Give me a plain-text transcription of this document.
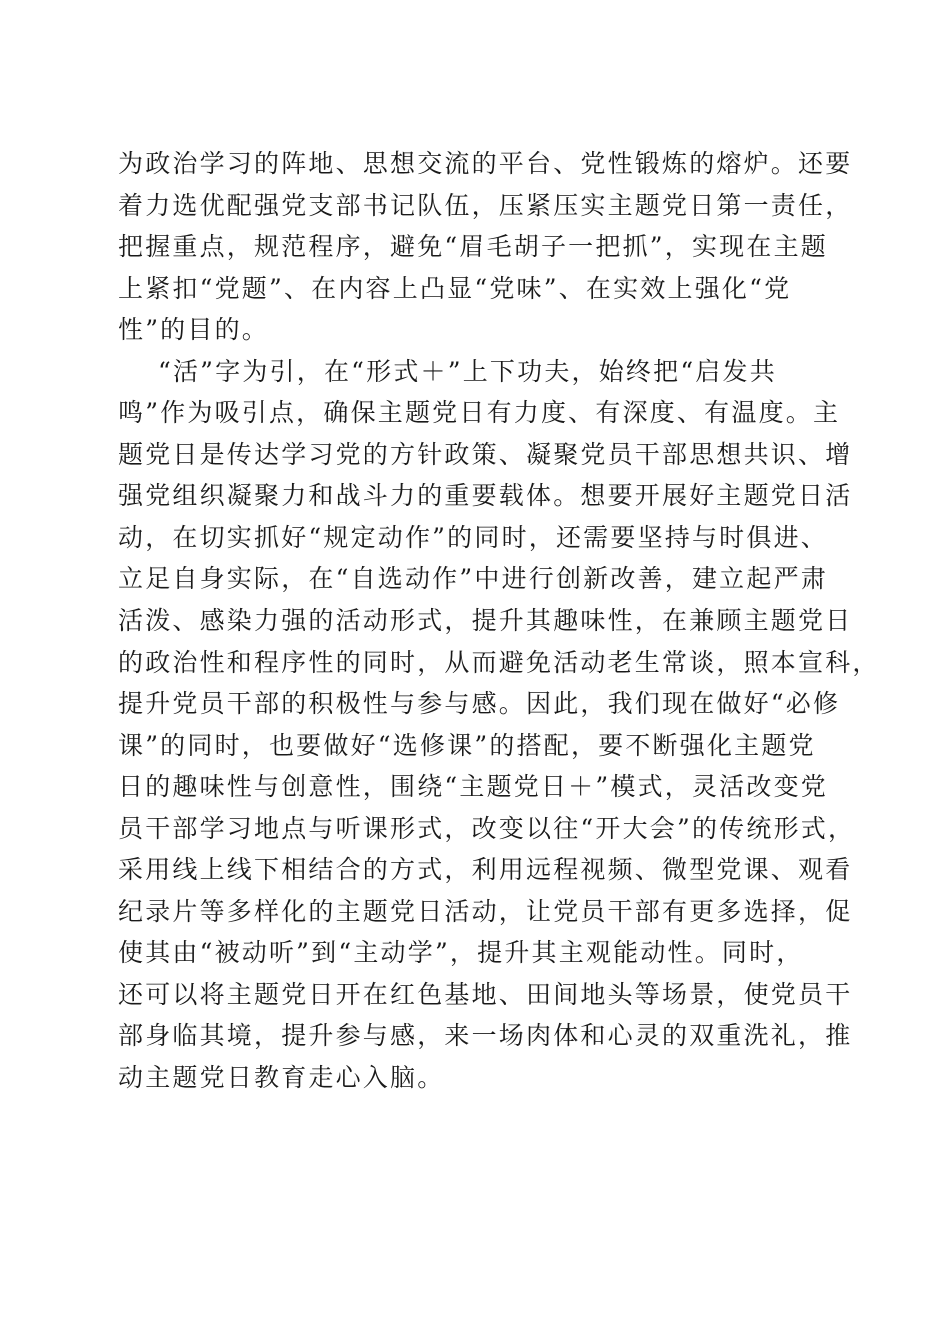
为政治学习的阵地、思想交流的平台、党性锻炼的熔炉。还要
着力选优配强党支部书记队伍，压紧压实主题党日第一责任，
把握重点，规范程序，避免“眉毛胡子一把抓”，实现在主题
上紧扣“党题”、在内容上凸显“党味”、在实效上强化“党
性”的目的。
“活”字为引，在“形式＋”上下功夫，始终把“启发共
鸣”作为吸引点，确保主题党日有力度、有深度、有温度。主
题党日是传达学习党的方针政策、凝聚党员干部思想共识、增
强党组织凝聚力和战斗力的重要载体。想要开展好主题党日活
动，在切实抓好“规定动作”的同时，还需要坚持与时俱进、
立足自身实际，在“自选动作”中进行创新改善，建立起严肃
活泼、感染力强的活动形式，提升其趣味性，在兼顾主题党日
的政治性和程序性的同时，从而避免活动老生常谈，照本宣科，
提升党员干部的积极性与参与感。因此，我们现在做好“必修
课”的同时，也要做好“选修课”的搭配，要不断强化主题党
日的趣味性与创意性，围绕“主题党日＋”模式，灵活改变党
员干部学习地点与听课形式，改变以往“开大会”的传统形式，
采用线上线下相结合的方式，利用远程视频、微型党课、观看
纪录片等多样化的主题党日活动，让党员干部有更多选择，促
使其由“被动听”到“主动学”，提升其主观能动性。同时，
还可以将主题党日开在红色基地、田间地头等场景，使党员干
部身临其境，提升参与感，来一场肉体和心灵的双重洗礼，推
动主题党日教育走心入脑。
